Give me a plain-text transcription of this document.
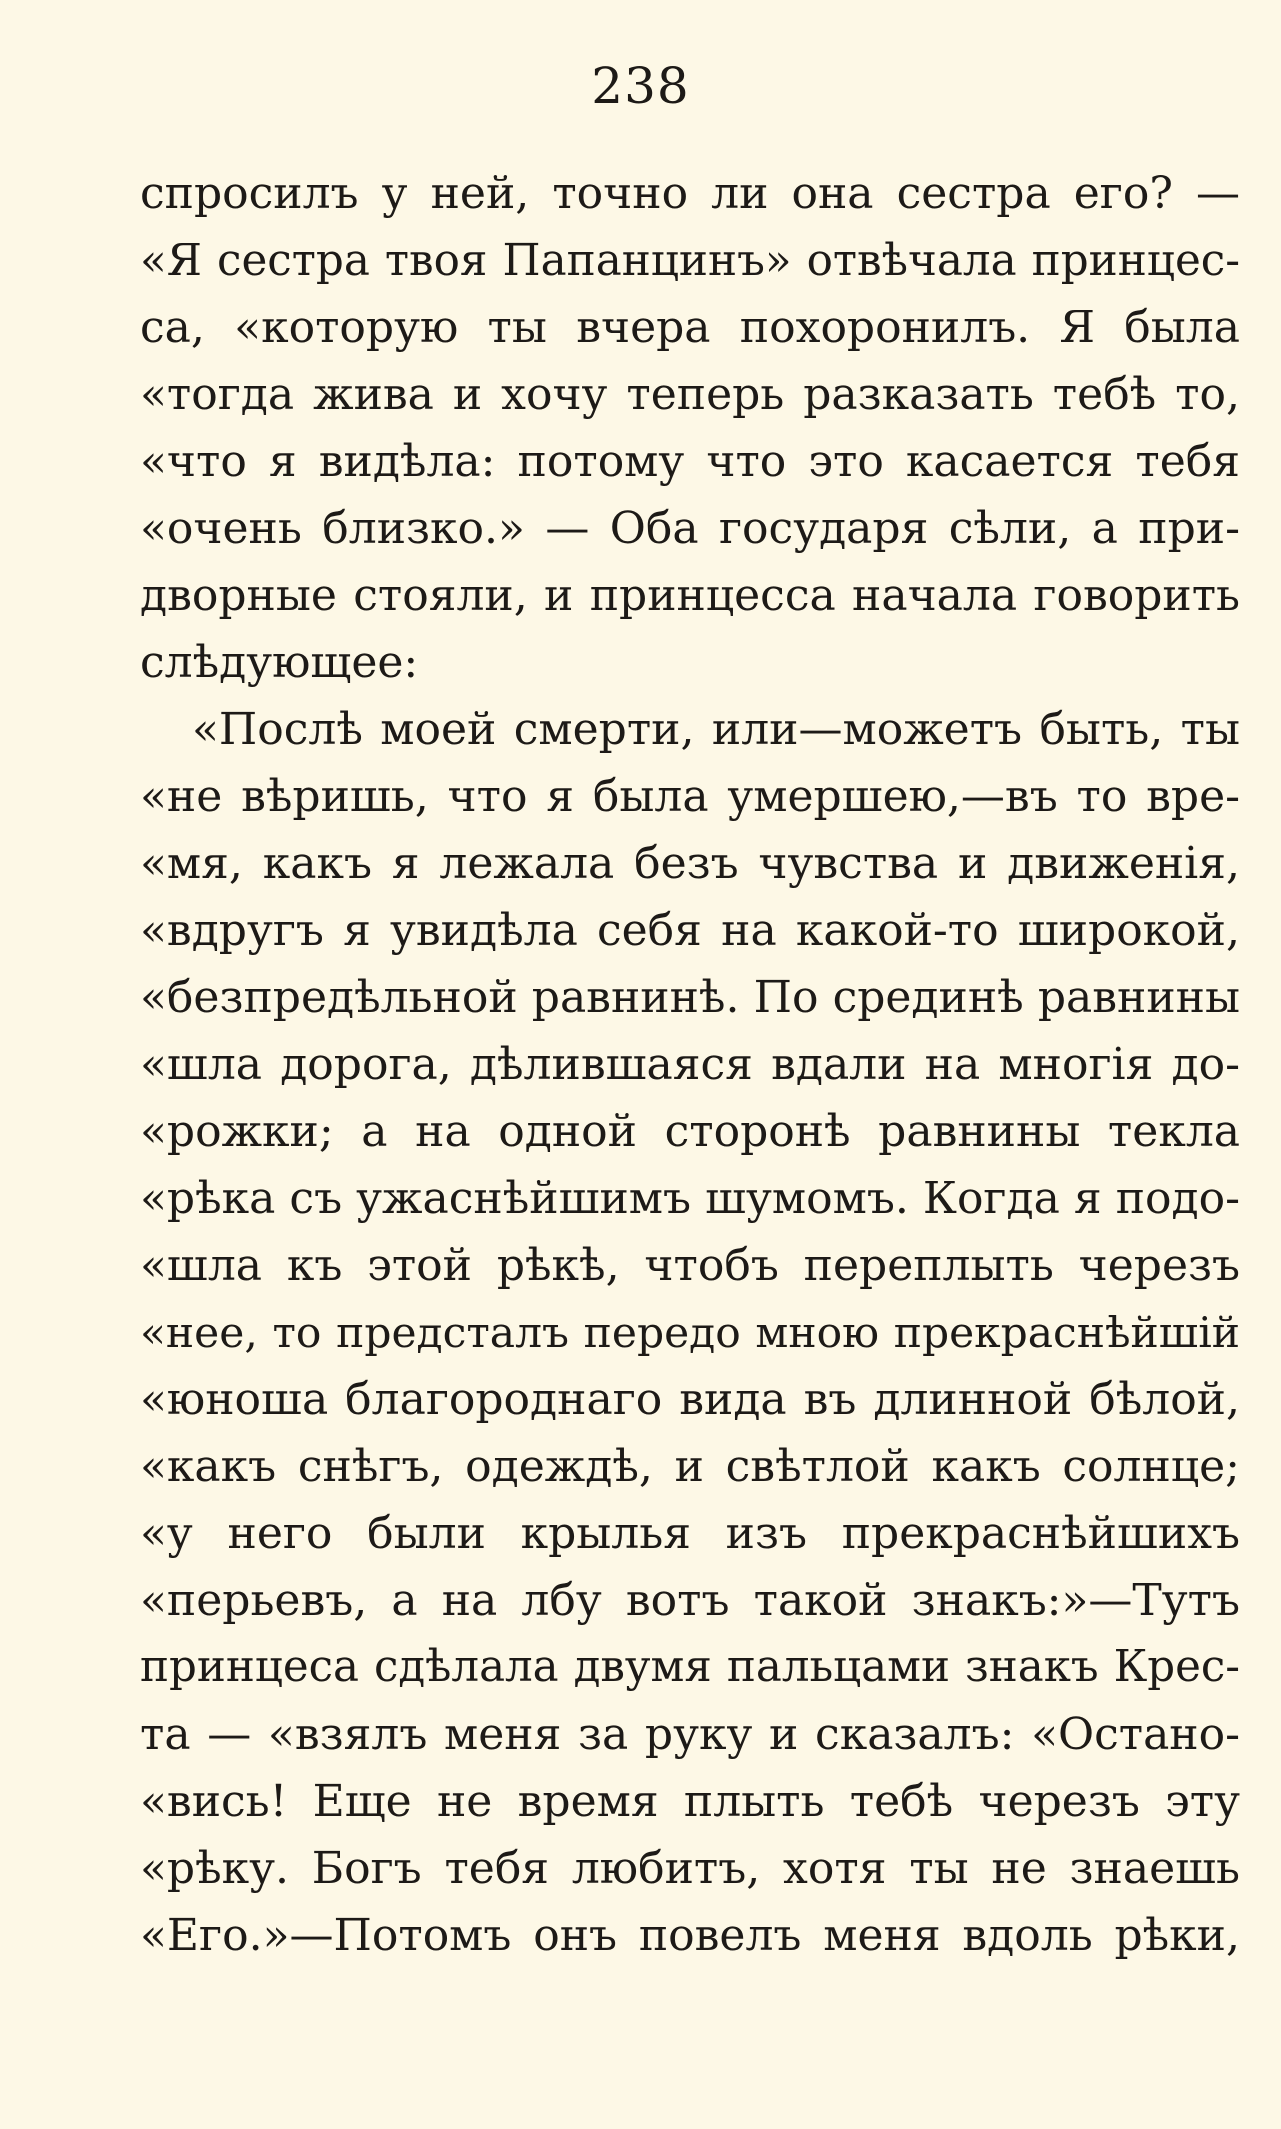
238
спросилъ у ней, точно ли она сестра его? —
«Я сестра твоя Папанцинъ» отвѣчала принцес-
са, «которую ты вчера похоронилъ. Я была
«тогда жива и хочу теперь разказать тебѣ то,
«что я видѣла: потому что это касается тебя
«очень близко.» — Оба государя сѣли, а при-
дворные стояли, и принцесса начала говорить
слѣдующее:
«Послѣ моей смерти, или—можетъ быть, ты
«не вѣришь, что я была умершею,—въ то вре-
«мя, какъ я лежала безъ чувства и движенія,
«вдругъ я увидѣла себя на какой-то широкой,
«безпредѣльной равнинѣ. По срединѣ равнины
«шла дорога, дѣлившаяся вдали на многія до-
«рожки; а на одной сторонѣ равнины текла
«рѣка съ ужаснѣйшимъ шумомъ. Когда я подо-
«шла къ этой рѣкѣ, чтобъ переплыть черезъ
«нее, то предсталъ передо мною прекраснѣйшій
«юноша благороднаго вида въ длинной бѣлой,
«какъ снѣгъ, одеждѣ, и свѣтлой какъ солнце;
«у него были крылья изъ прекраснѣйшихъ
«перьевъ, а на лбу вотъ такой знакъ:»—Тутъ
принцеса сдѣлала двумя пальцами знакъ Крес-
та — «взялъ меня за руку и сказалъ: «Остано-
«вись! Еще не время плыть тебѣ черезъ эту
«рѣку. Богъ тебя любитъ, хотя ты не знаешь
«Его.»—Потомъ онъ повелъ меня вдоль рѣки,
